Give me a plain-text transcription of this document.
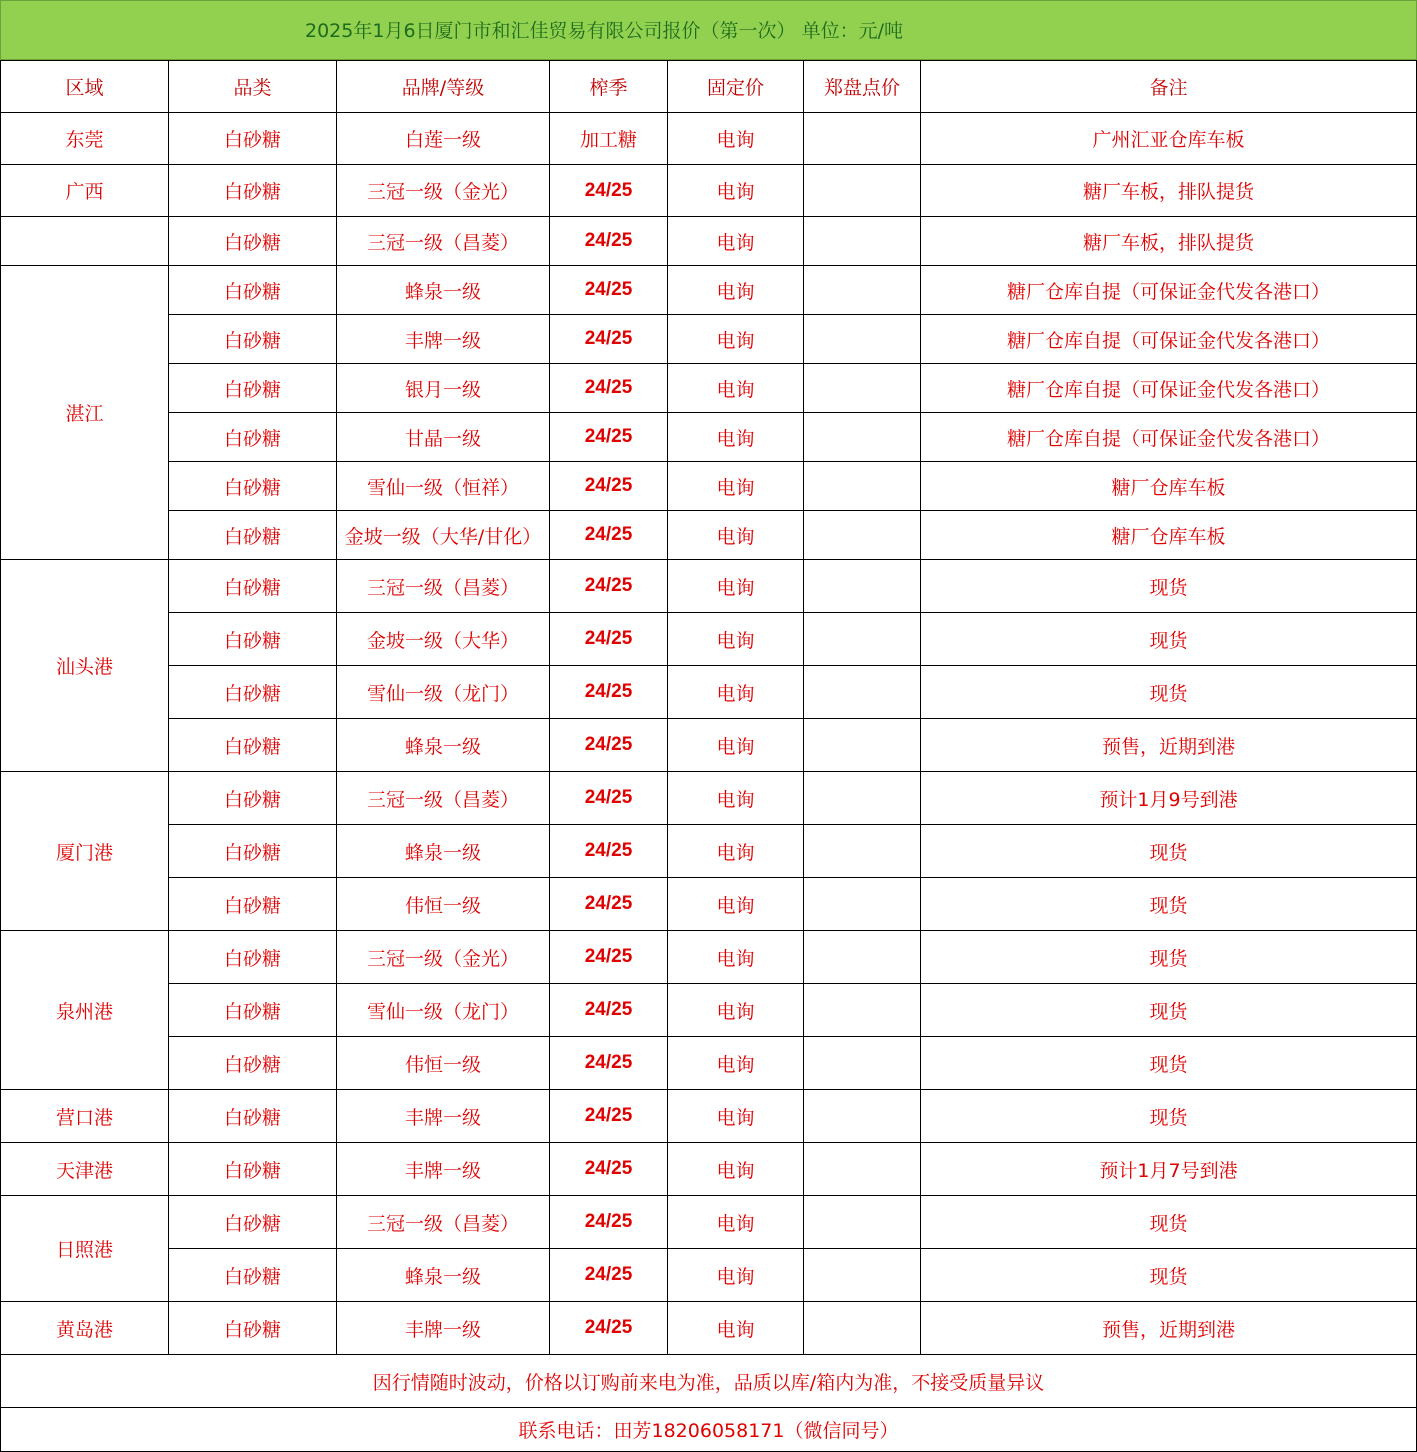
2025年1月6日厦门市和汇佳贸易有限公司报价（第一次） 单位：元/吨
区域	品类	品牌/等级	榨季	固定价	郑盘点价	备注
东莞	白砂糖	白莲一级	加工糖	电询		广州汇亚仓库车板
广西	白砂糖	三冠一级（金光）	24/25	电询		糖厂车板，排队提货
	白砂糖	三冠一级（昌菱）	24/25	电询		糖厂车板，排队提货
湛江	白砂糖	蜂泉一级	24/25	电询		糖厂仓库自提（可保证金代发各港口）
	白砂糖	丰牌一级	24/25	电询		糖厂仓库自提（可保证金代发各港口）
	白砂糖	银月一级	24/25	电询		糖厂仓库自提（可保证金代发各港口）
	白砂糖	甘晶一级	24/25	电询		糖厂仓库自提（可保证金代发各港口）
	白砂糖	雪仙一级（恒祥）	24/25	电询		糖厂仓库车板
	白砂糖	金坡一级（大华/甘化）	24/25	电询		糖厂仓库车板
汕头港	白砂糖	三冠一级（昌菱）	24/25	电询		现货
	白砂糖	金坡一级（大华）	24/25	电询		现货
	白砂糖	雪仙一级（龙门）	24/25	电询		现货
	白砂糖	蜂泉一级	24/25	电询		预售，近期到港
厦门港	白砂糖	三冠一级（昌菱）	24/25	电询		预计1月9号到港
	白砂糖	蜂泉一级	24/25	电询		现货
	白砂糖	伟恒一级	24/25	电询		现货
泉州港	白砂糖	三冠一级（金光）	24/25	电询		现货
	白砂糖	雪仙一级（龙门）	24/25	电询		现货
	白砂糖	伟恒一级	24/25	电询		现货
营口港	白砂糖	丰牌一级	24/25	电询		现货
天津港	白砂糖	丰牌一级	24/25	电询		预计1月7号到港
日照港	白砂糖	三冠一级（昌菱）	24/25	电询		现货
	白砂糖	蜂泉一级	24/25	电询		现货
黄岛港	白砂糖	丰牌一级	24/25	电询		预售，近期到港
因行情随时波动，价格以订购前来电为准，品质以库/箱内为准，不接受质量异议						
联系电话：田芳18206058171（微信同号）						
